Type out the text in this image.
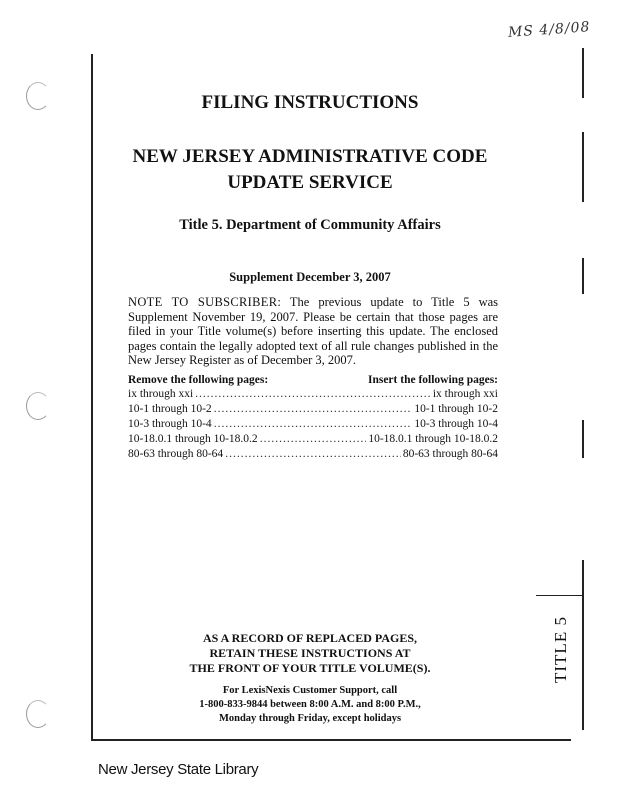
MS 4/8/08
TITLE 5
FILING INSTRUCTIONS
NEW JERSEY ADMINISTRATIVE CODE
UPDATE SERVICE
Title 5. Department of Community Affairs
Supplement December 3, 2007
NOTE TO SUBSCRIBER: The previous update to Title 5 was Supplement November 19, 2007. Please be certain that those pages are filed in your Title volume(s) before inserting this update. The enclosed pages contain the legally adopted text of all rule changes published in the New Jersey Register as of December 3, 2007.
Remove the following pages:	Insert the following pages:
ix through xxi .....	ix through xxi
10-1 through 10-2 .....	10-1 through 10-2
10-3 through 10-4 .....	10-3 through 10-4
10-18.0.1 through 10-18.0.2 .....	10-18.0.1 through 10-18.0.2
80-63 through 80-64 .....	80-63 through 80-64
AS A RECORD OF REPLACED PAGES,
RETAIN THESE INSTRUCTIONS AT
THE FRONT OF YOUR TITLE VOLUME(S).
For LexisNexis Customer Support, call
1-800-833-9844 between 8:00 A.M. and 8:00 P.M.,
Monday through Friday, except holidays
New Jersey State Library
